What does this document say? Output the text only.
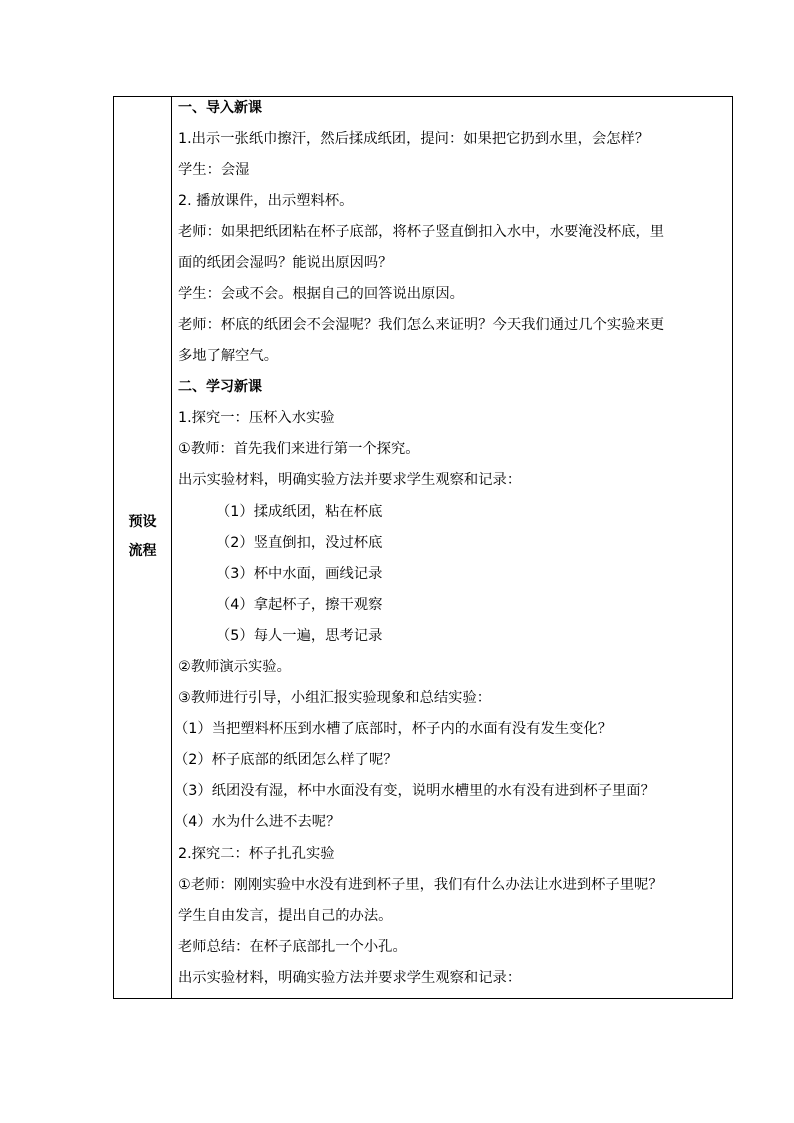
预设
流程
一、导入新课
1.出示一张纸巾擦汗，然后揉成纸团，提问：如果把它扔到水里，会怎样？
学生：会湿
2. 播放课件，出示塑料杯。
老师：如果把纸团粘在杯子底部，将杯子竖直倒扣入水中，水要淹没杯底，里
面的纸团会湿吗？能说出原因吗？
学生：会或不会。根据自己的回答说出原因。
老师：杯底的纸团会不会湿呢？我们怎么来证明？今天我们通过几个实验来更
多地了解空气。
二、学习新课
1.探究一：压杯入水实验
①教师：首先我们来进行第一个探究。
出示实验材料，明确实验方法并要求学生观察和记录：
（1）揉成纸团，粘在杯底
（2）竖直倒扣，没过杯底
（3）杯中水面，画线记录
（4）拿起杯子，擦干观察
（5）每人一遍，思考记录
②教师演示实验。
③教师进行引导，小组汇报实验现象和总结实验：
（1）当把塑料杯压到水槽了底部时，杯子内的水面有没有发生变化？
（2）杯子底部的纸团怎么样了呢？
（3）纸团没有湿，杯中水面没有变，说明水槽里的水有没有进到杯子里面？
（4）水为什么进不去呢？
2.探究二：杯子扎孔实验
①老师：刚刚实验中水没有进到杯子里，我们有什么办法让水进到杯子里呢？
学生自由发言，提出自己的办法。
老师总结：在杯子底部扎一个小孔。
出示实验材料，明确实验方法并要求学生观察和记录：
